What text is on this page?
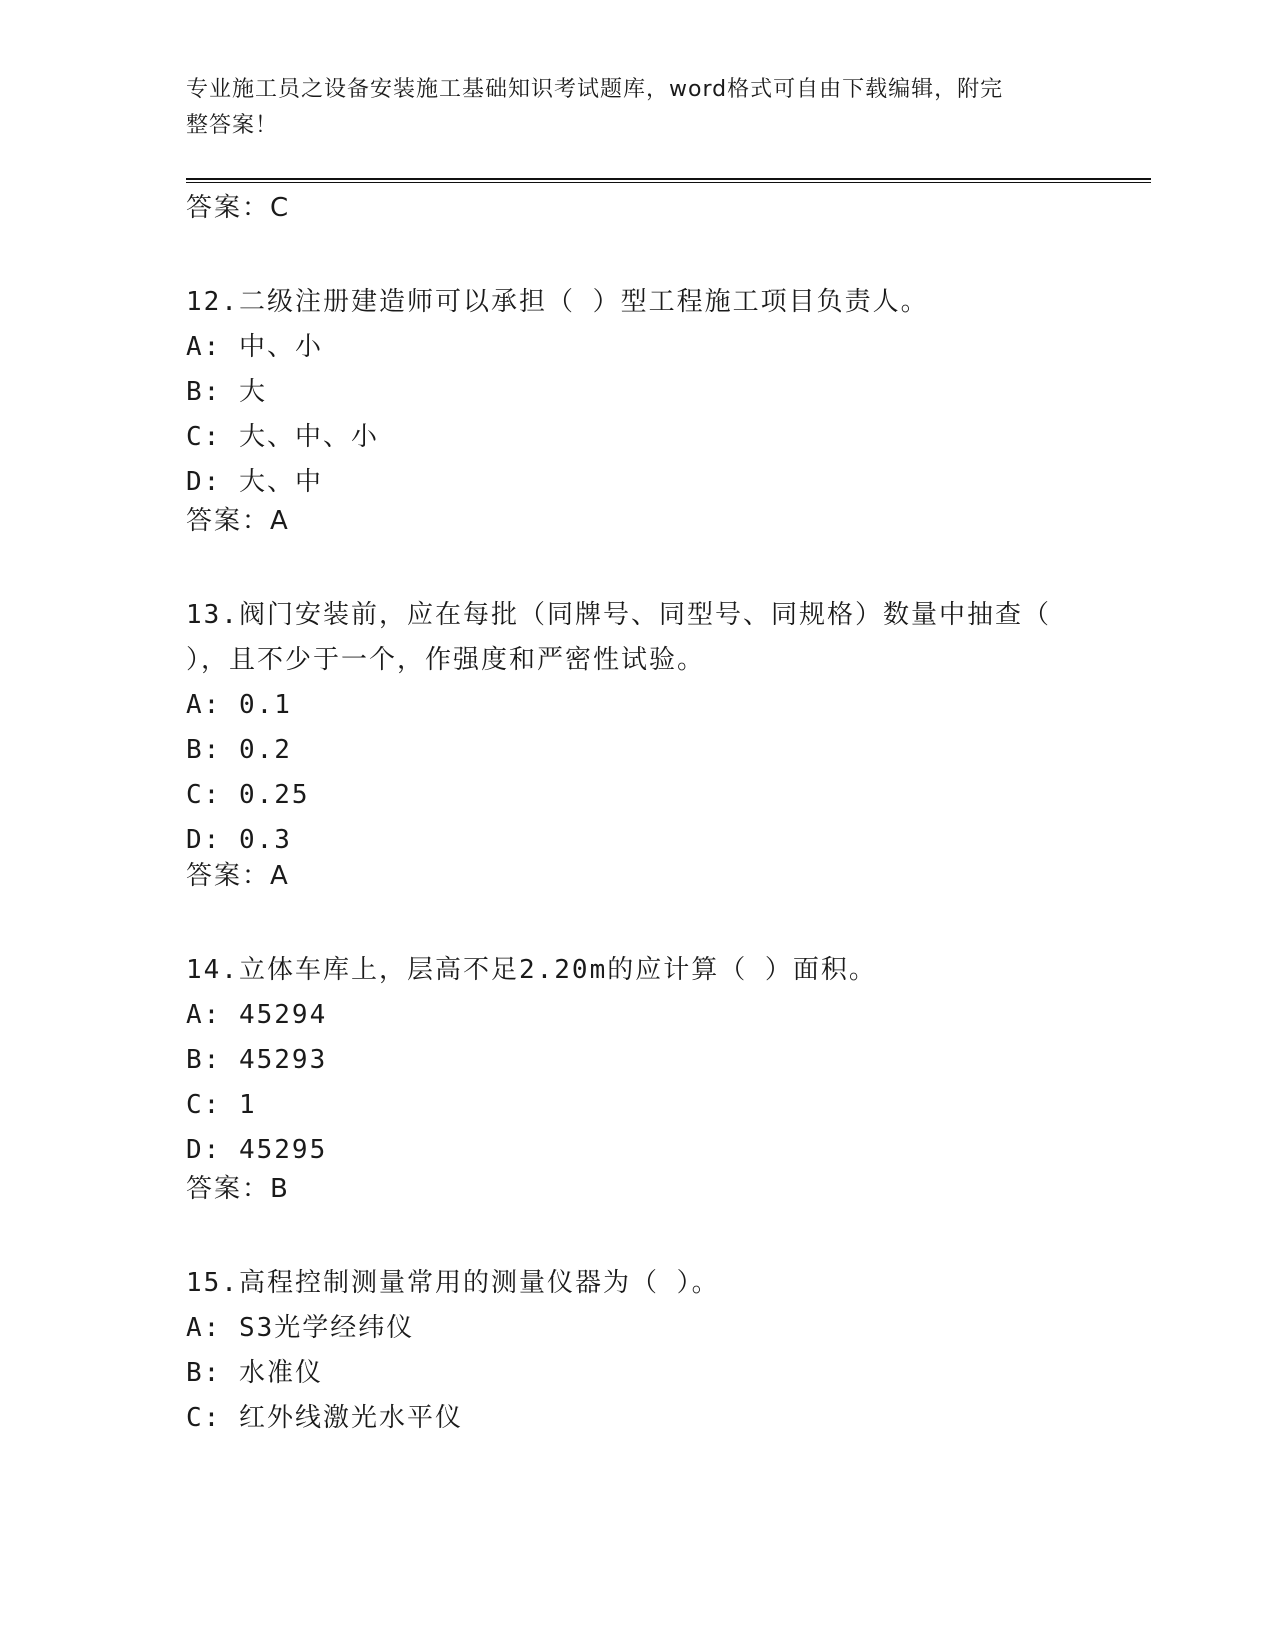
专业施工员之设备安装施工基础知识考试题库，word格式可自由下载编辑，附完
整答案！
答案：C
12.二级注册建造师可以承担（ ）型工程施工项目负责人。
A: 中、小
B: 大
C: 大、中、小
D: 大、中
答案：A
13.阀门安装前，应在每批（同牌号、同型号、同规格）数量中抽查（
），且不少于一个，作强度和严密性试验。
A: 0.1
B: 0.2
C: 0.25
D: 0.3
答案：A
14.立体车库上，层高不足2.20m的应计算（ ）面积。
A: 45294
B: 45293
C: 1
D: 45295
答案：B
15.高程控制测量常用的测量仪器为（ ）。
A: S3光学经纬仪
B: 水准仪
C: 红外线激光水平仪
